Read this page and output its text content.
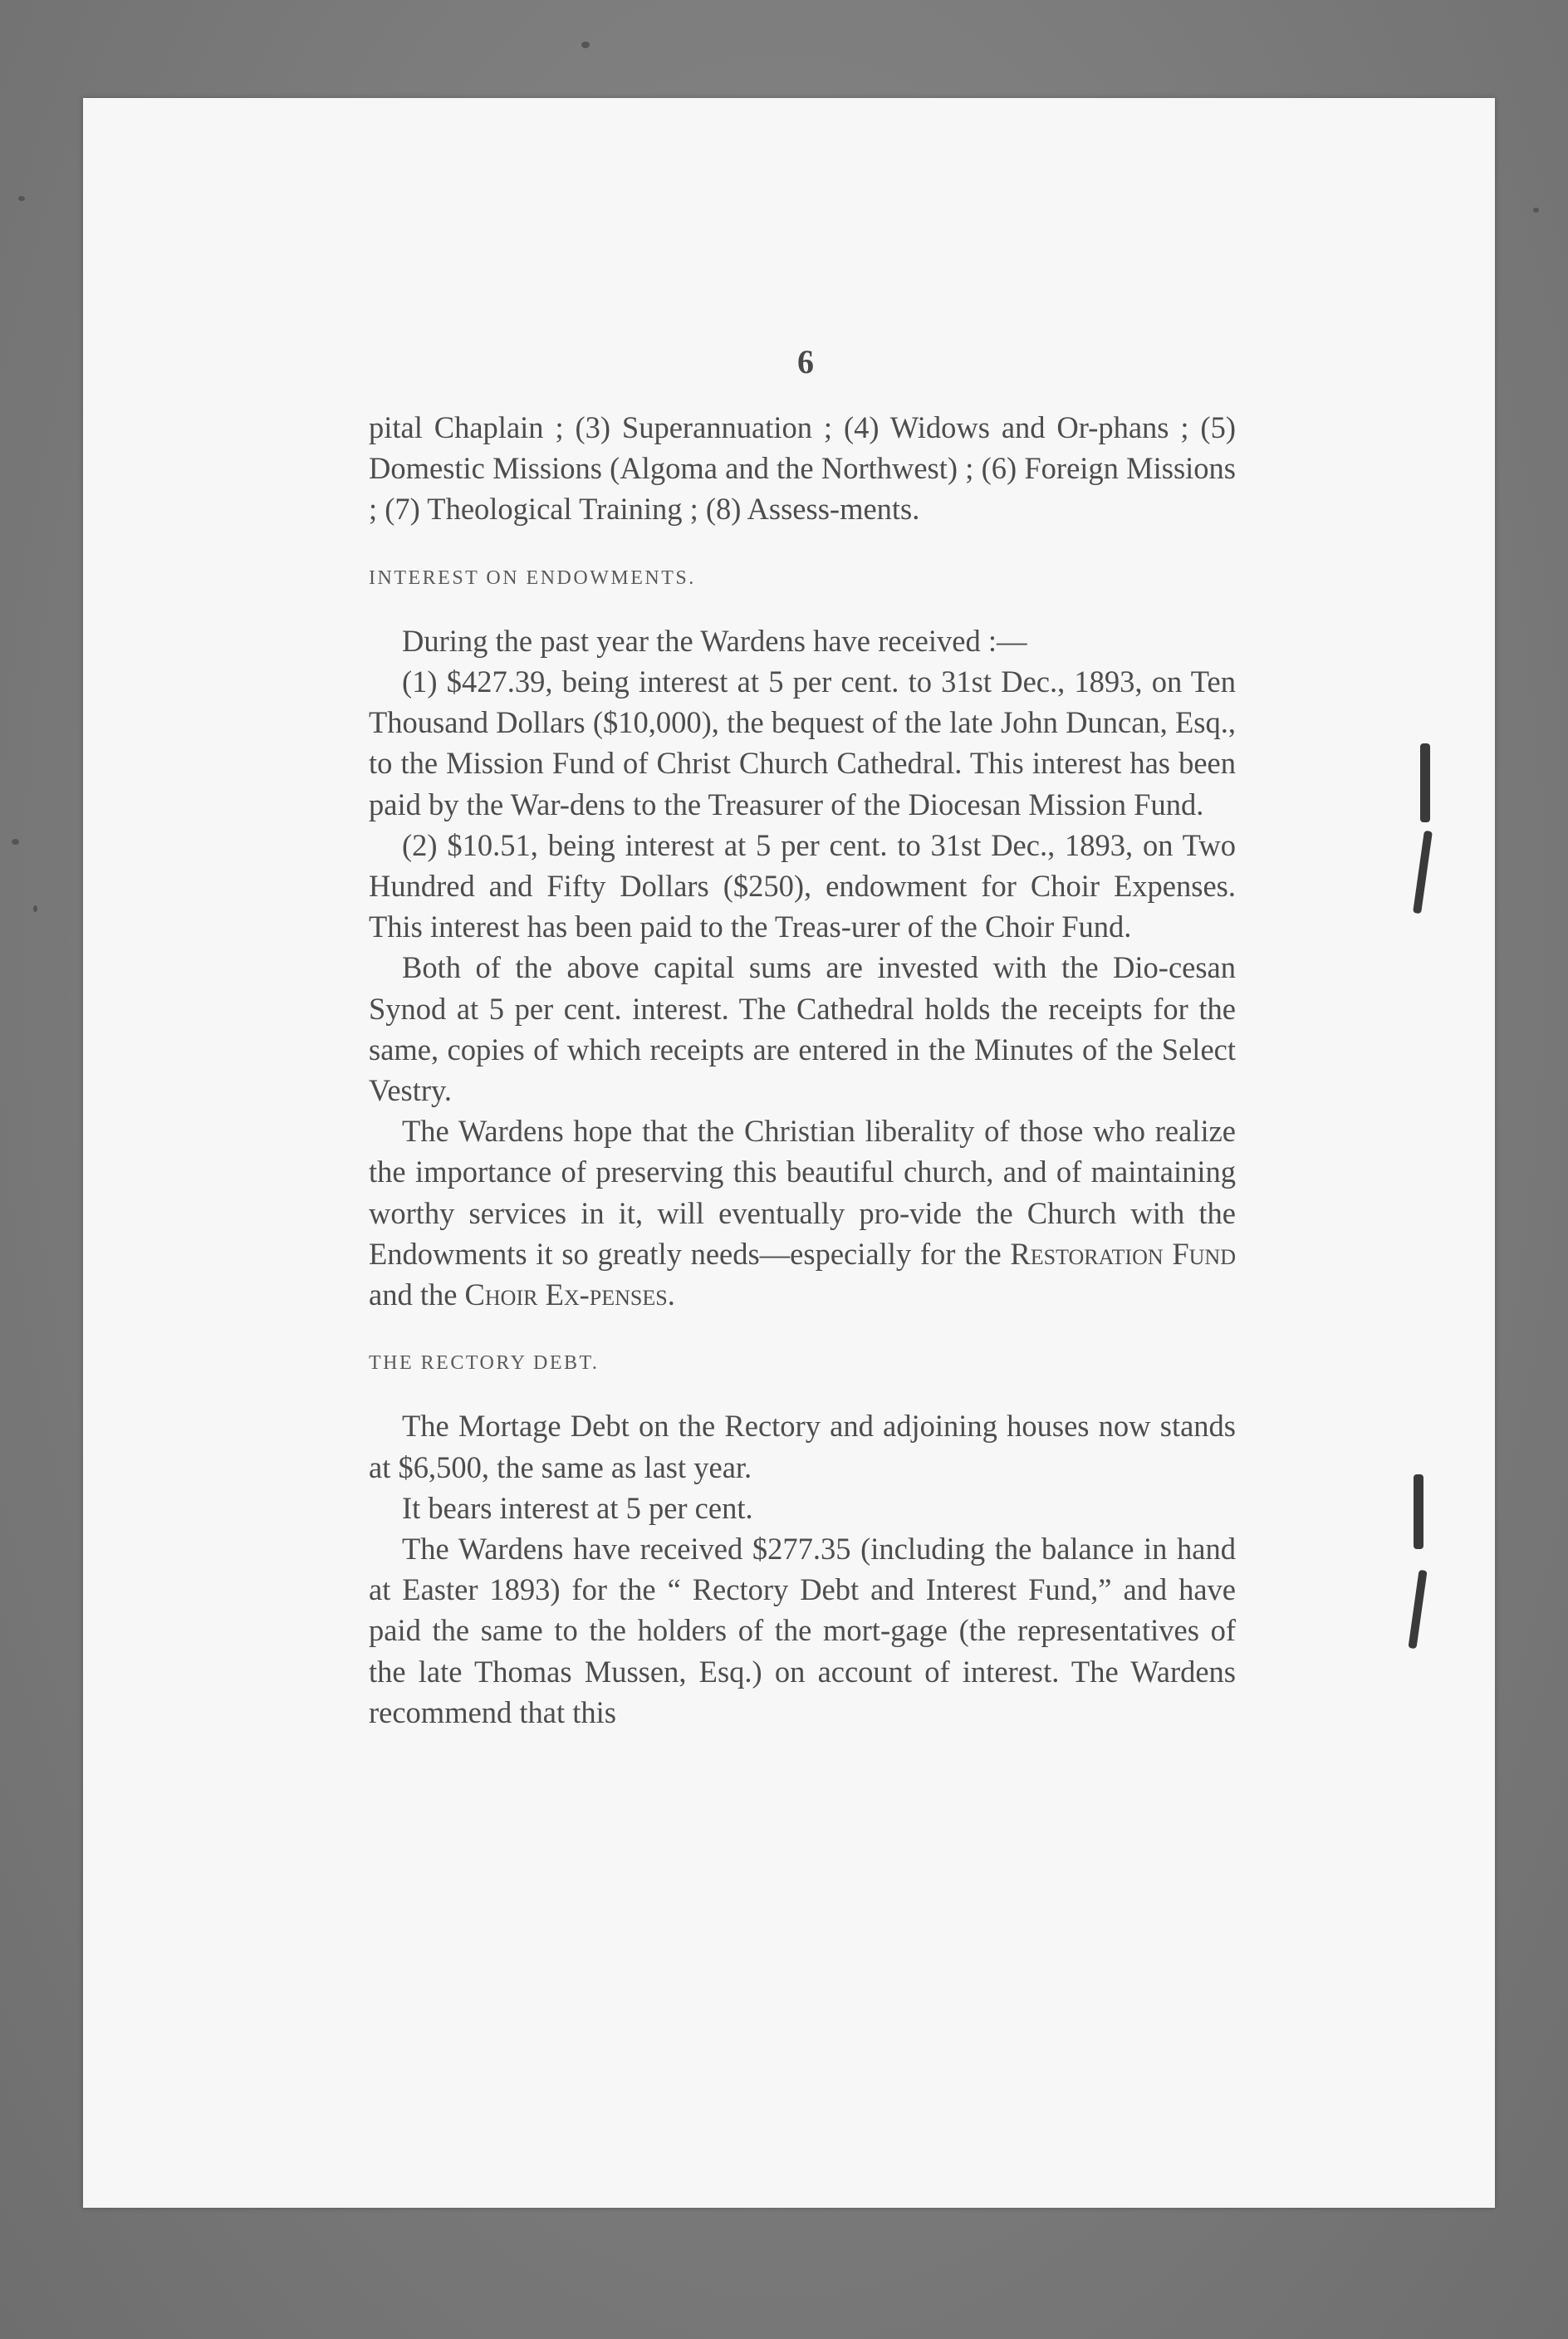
6

pital Chaplain ; (3) Superannuation ; (4) Widows and Or-phans ; (5) Domestic Missions (Algoma and the Northwest) ; (6) Foreign Missions ; (7) Theological Training ; (8) Assess-ments.

INTEREST ON ENDOWMENTS.

During the past year the Wardens have received :—

(1) $427.39, being interest at 5 per cent. to 31st Dec., 1893, on Ten Thousand Dollars ($10,000), the bequest of the late John Duncan, Esq., to the Mission Fund of Christ Church Cathedral. This interest has been paid by the War-dens to the Treasurer of the Diocesan Mission Fund.

(2) $10.51, being interest at 5 per cent. to 31st Dec., 1893, on Two Hundred and Fifty Dollars ($250), endowment for Choir Expenses. This interest has been paid to the Treas-urer of the Choir Fund.

Both of the above capital sums are invested with the Dio-cesan Synod at 5 per cent. interest. The Cathedral holds the receipts for the same, copies of which receipts are entered in the Minutes of the Select Vestry.

The Wardens hope that the Christian liberality of those who realize the importance of preserving this beautiful church, and of maintaining worthy services in it, will eventually pro-vide the Church with the Endowments it so greatly needs—especially for the Restoration Fund and the Choir Ex-penses.

THE RECTORY DEBT.

The Mortage Debt on the Rectory and adjoining houses now stands at $6,500, the same as last year.

It bears interest at 5 per cent.

The Wardens have received $277.35 (including the balance in hand at Easter 1893) for the “ Rectory Debt and Interest Fund,” and have paid the same to the holders of the mort-gage (the representatives of the late Thomas Mussen, Esq.) on account of interest. The Wardens recommend that this
